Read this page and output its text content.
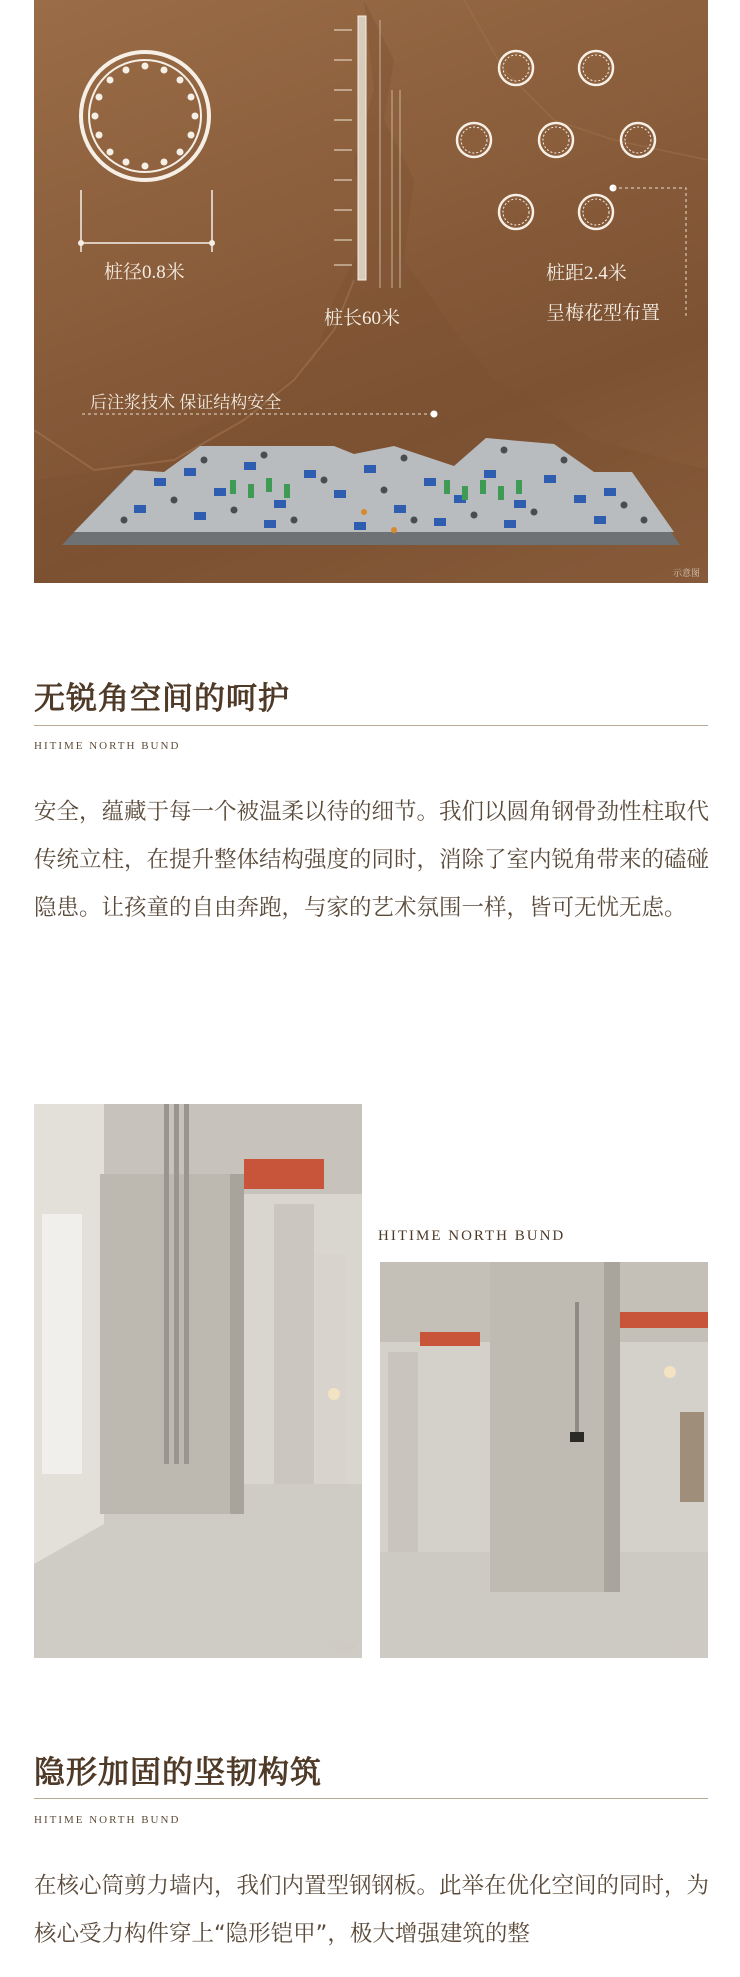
桩径0.8米
桩长60米
桩距2.4米
呈梅花型布置
后注浆技术 保证结构安全
示意图
无锐角空间的呵护
HITIME NORTH BUND
安全，蕴藏于每一个被温柔以待的细节。我们以圆角钢骨劲性柱取代传统立柱，在提升整体结构强度的同时，消除了室内锐角带来的磕碰隐患。让孩童的自由奔跑，与家的艺术氛围一样，皆可无忧无虑。
实景图
HITIME NORTH BUND
实景图
隐形加固的坚韧构筑
HITIME NORTH BUND
在核心筒剪力墙内，我们内置型钢钢板。此举在优化空间的同时，为核心受力构件穿上“隐形铠甲”，极大增强建筑的整
